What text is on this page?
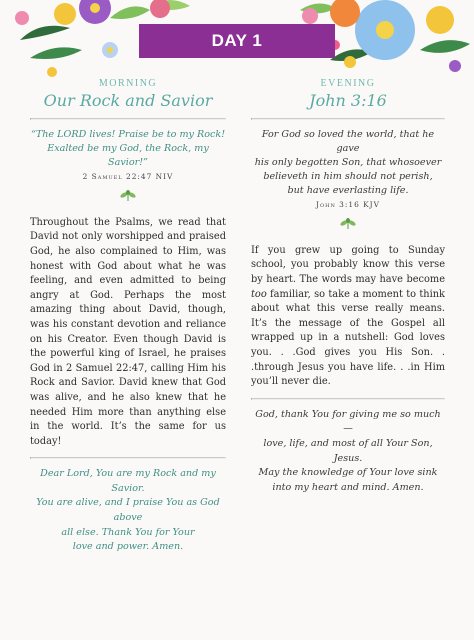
DAY 1
MORNING
Our Rock and Savior
“The LORD lives! Praise be to my Rock!
Exalted be my God, the Rock, my Savior!”
2 Samuel 22:47 NIV

Throughout the Psalms, we read that David not only worshipped and praised God, he also complained to Him, was honest with God about what he was feeling, and even admitted to being angry at God. Perhaps the most amazing thing about David, though, was his constant devotion and reliance on his Creator. Even though David is the powerful king of Israel, he praises God in 2 Samuel 22:47, calling Him his Rock and Savior. David knew that God was alive, and he also knew that he needed Him more than anything else in the world. It’s the same for us today!

Dear Lord, You are my Rock and my Savior.
You are alive, and I praise You as God above
all else. Thank You for Your
love and power. Amen.
EVENING
John 3:16
For God so loved the world, that he gave
his only begotten Son, that whosoever
believeth in him should not perish,
but have everlasting life.
John 3:16 KJV

If you grew up going to Sunday school, you probably know this verse by heart. The words may have become too familiar, so take a moment to think about what this verse really means. It’s the message of the Gospel all wrapped up in a nutshell: God loves you. . .God gives you His Son. . .through Jesus you have life. . .in Him you’ll never die.

God, thank You for giving me so much—
love, life, and most of all Your Son, Jesus.
May the knowledge of Your love sink
into my heart and mind. Amen.
